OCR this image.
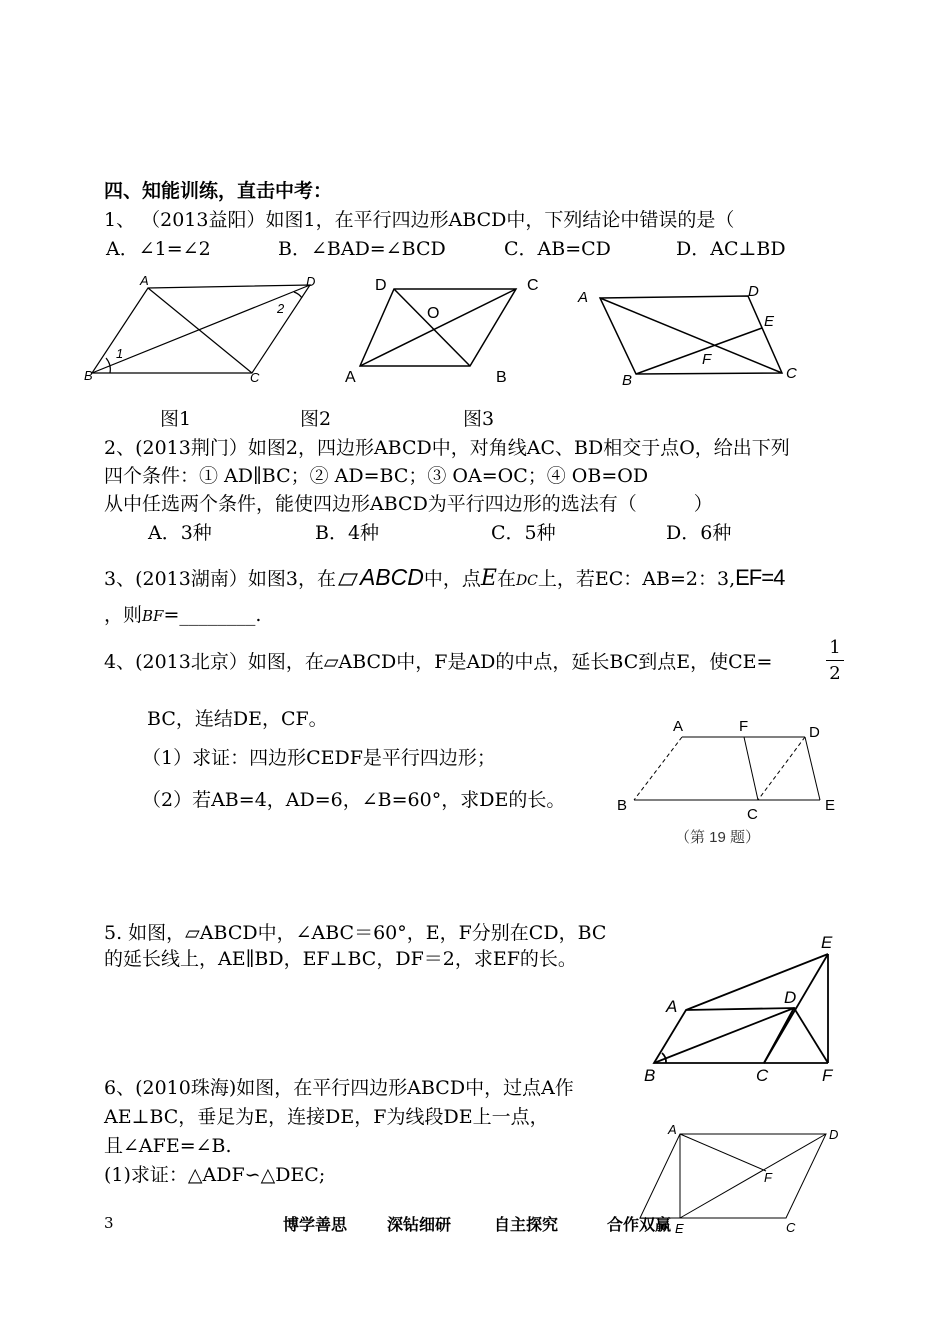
四、知能训练，直击中考：
1、 （2013益阳）如图1，在平行四边形ABCD中，下列结论中错误的是（
A．∠1=∠2	B．∠BAD=∠BCD	C．AB=CD	D．AC⊥BD
A	D
B	C
1
2
D	C
O
A	B
A	D
E
F
B	C
图1	图2	图3
2、(2013荆门）如图2，四边形ABCD中，对角线AC、BD相交于点O，给出下列
四个条件：① AD∥BC；② AD=BC；③ OA=OC；④ OB=OD
从中任选两个条件，能使四边形ABCD为平行四边形的选法有（　　　）
A．3种	B．4种	C．5种	D．6种
3、(2013湖南）如图3，在 ABCD中，点E在DC上，若EC：AB=2：3,EF=4
，则BF=________.
4、(2013北京）如图，在▱ABCD中，F是AD的中点，延长BC到点E，使CE=
1
2
BC，连结DE，CF。
（1）求证：四边形CEDF是平行四边形；
（2）若AB=4，AD=6，∠B=60°，求DE的长。
A	F	D
B
C
E
（第 19 题）
5. 如图，▱ABCD中，∠ABC＝60°，E，F分别在CD，BC
的延长线上，AE∥BD，EF⊥BC，DF＝2，求EF的长。
E
A	D
B	C	F
6、(2010珠海)如图，在平行四边形ABCD中，过点A作
AE⊥BC，垂足为E，连接DE，F为线段DE上一点，
且∠AFE=∠B.
(1)求证：△ADF∽△DEC;
A	D
F
E	C
3	博学善思 深钻细研	自主探究	合作双赢
